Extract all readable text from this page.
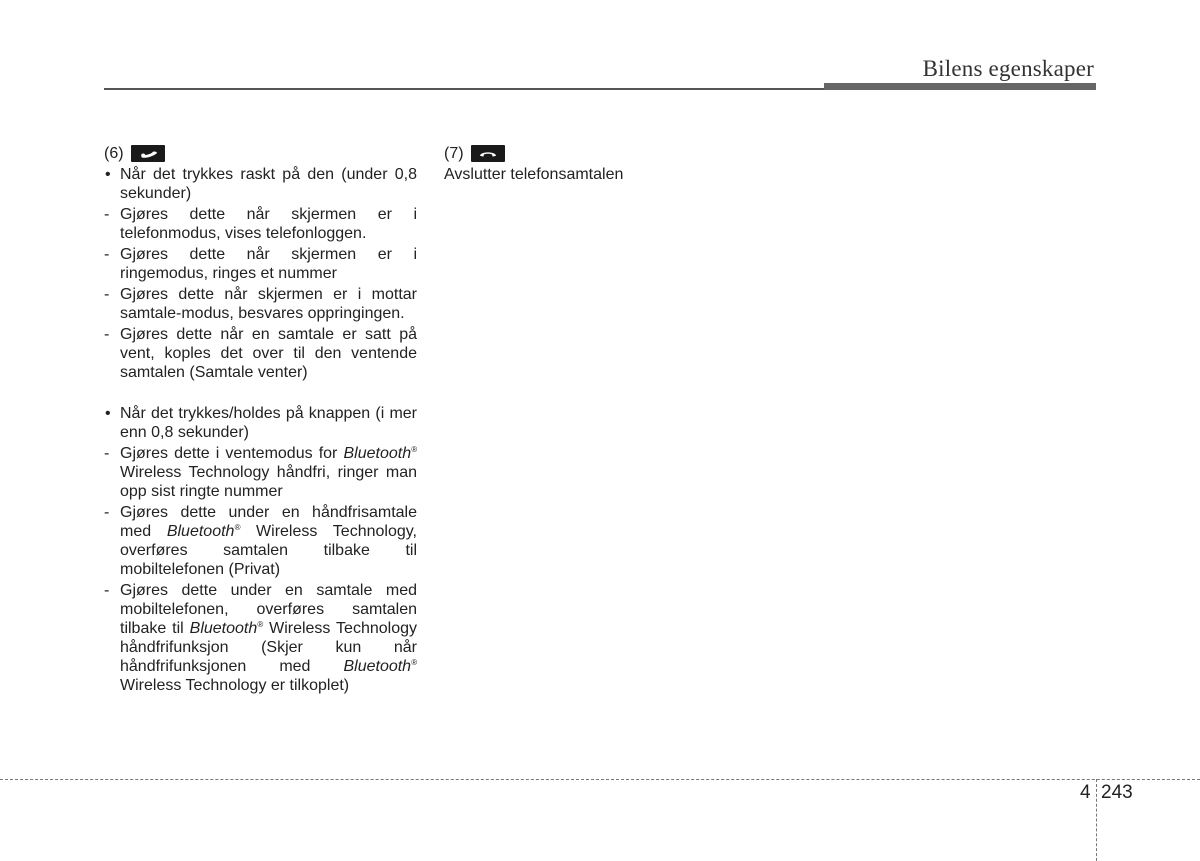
Bilens egenskaper
(6)
• Når det trykkes raskt på den (under 0,8 sekunder)
- Gjøres dette når skjermen er i telefonmodus, vises telefonloggen.
- Gjøres dette når skjermen er i ringemodus, ringes et nummer
- Gjøres dette når skjermen er i mottar samtale-modus, besvares oppringingen.
- Gjøres dette når en samtale er satt på vent, koples det over til den ventende samtalen (Samtale venter)
• Når det trykkes/holdes på knappen (i mer enn 0,8 sekunder)
- Gjøres dette i ventemodus for Bluetooth® Wireless Technology håndfri, ringer man opp sist ringte nummer
- Gjøres dette under en håndfrisamtale med Bluetooth® Wireless Technology, overføres samtalen tilbake til mobiltelefonen (Privat)
- Gjøres dette under en samtale med mobiltelefonen, overføres samtalen tilbake til Bluetooth® Wireless Technology håndfrifunksjon (Skjer kun når håndfrifunksjonen med Bluetooth® Wireless Technology er tilkoplet)
(7)

Avslutter telefonsamtalen

4 243
